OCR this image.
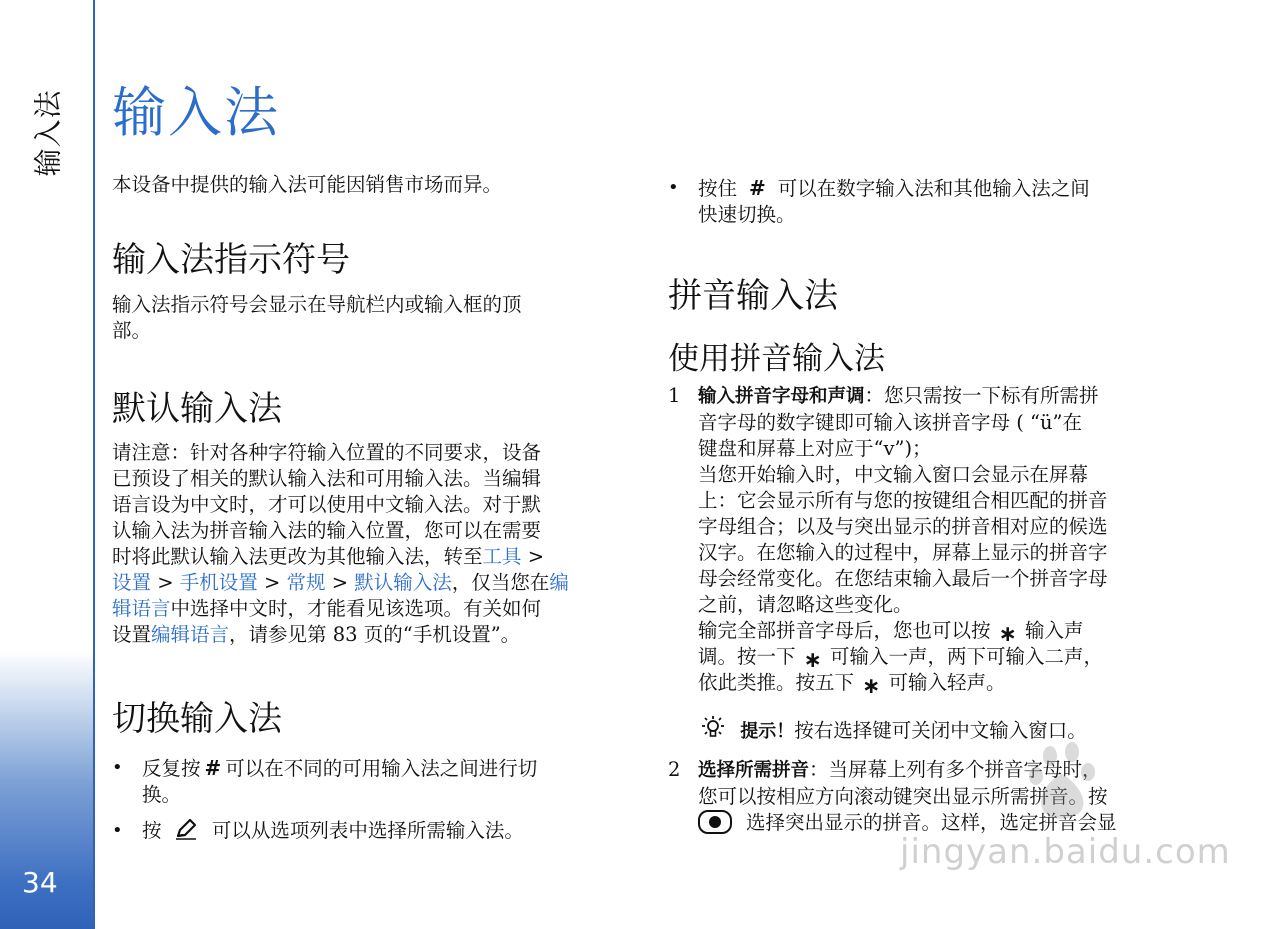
输入法
34
输入法
本设备中提供的输入法可能因销售市场而异。
输入法指示符号
输入法指示符号会显示在导航栏内或输入框的顶
部。
默认输入法
请注意：针对各种字符输入位置的不同要求，设备
已预设了相关的默认输入法和可用输入法。当编辑
语言设为中文时，才可以使用中文输入法。对于默
认输入法为拼音输入法的输入位置，您可以在需要
时将此默认输入法更改为其他输入法，转至工具 >
设置 > 手机设置 > 常规 > 默认输入法，仅当您在编
辑语言中选择中文时，才能看见该选项。有关如何
设置编辑语言，请参见第 83 页的“手机设置”。
切换输入法
• 反复按 # 可以在不同的可用输入法之间进行切
换。
• 按	可以从选项列表中选择所需输入法。
• 按住 # 可以在数字输入法和其他输入法之间
快速切换。
拼音输入法
使用拼音输入法
1 输入拼音字母和声调：您只需按一下标有所需拼
音字母的数字键即可输入该拼音字母 ( “ü”在
键盘和屏幕上对应于“v”)；
当您开始输入时，中文输入窗口会显示在屏幕
上：它会显示所有与您的按键组合相匹配的拼音
字母组合；以及与突出显示的拼音相对应的候选
汉字。在您输入的过程中，屏幕上显示的拼音字
母会经常变化。在您结束输入最后一个拼音字母
之前，请忽略这些变化。
输完全部拼音字母后，您也可以按 ∗ 输入声
调。按一下 ∗ 可输入一声，两下可输入二声，
依此类推。按五下 ∗ 可输入轻声。
提示！按右选择键可关闭中文输入窗口。
2 选择所需拼音：当屏幕上列有多个拼音字母时，
您可以按相应方向滚动键突出显示所需拼音。按
选择突出显示的拼音。这样，选定拼音会显
jingyan.baidu.com
